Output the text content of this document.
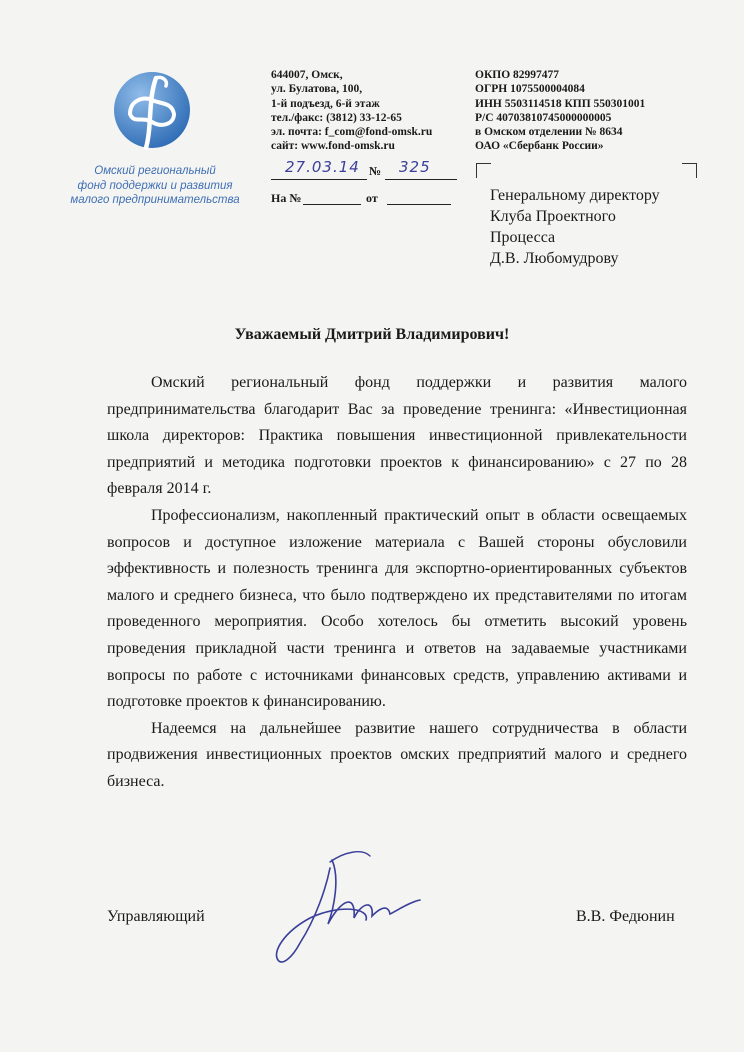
Омский региональный
фонд поддержки и развития
малого предпринимательства
644007, Омск,
ул. Булатова, 100,
1-й подъезд, 6-й этаж
тел./факс: (3812) 33-12-65
эл. почта: f_com@fond-omsk.ru
сайт: www.fond-omsk.ru
ОКПО 82997477
ОГРН 1075500004084
ИНН 5503114518 КПП 550301001
Р/С 40703810745000000005
в Омском отделении № 8634
ОАО «Сбербанк России»
27.03.14 № 325
На №	от	Генеральному директору
Клуба Проектного
Процесса
Д.В. Любомудрову
Уважаемый Дмитрий Владимирович!

Омский региональный фонд поддержки и развития малого предпринимательства благодарит Вас за проведение тренинга: «Инвестиционная школа директоров: Практика повышения инвестиционной привлекательности предприятий и методика подготовки проектов к финансированию» с 27 по 28 февраля 2014 г.

Профессионализм, накопленный практический опыт в области освещаемых вопросов и доступное изложение материала с Вашей стороны обусловили эффективность и полезность тренинга для экспортно-ориентированных субъектов малого и среднего бизнеса, что было подтверждено их представителями по итогам проведенного мероприятия. Особо хотелось бы отметить высокий уровень проведения прикладной части тренинга и ответов на задаваемые участниками вопросы по работе с источниками финансовых средств, управлению активами и подготовке проектов к финансированию.

Надеемся на дальнейшее развитие нашего сотрудничества в области продвижения инвестиционных проектов омских предприятий малого и среднего бизнеса.

Управляющий	В.В. Федюнин
